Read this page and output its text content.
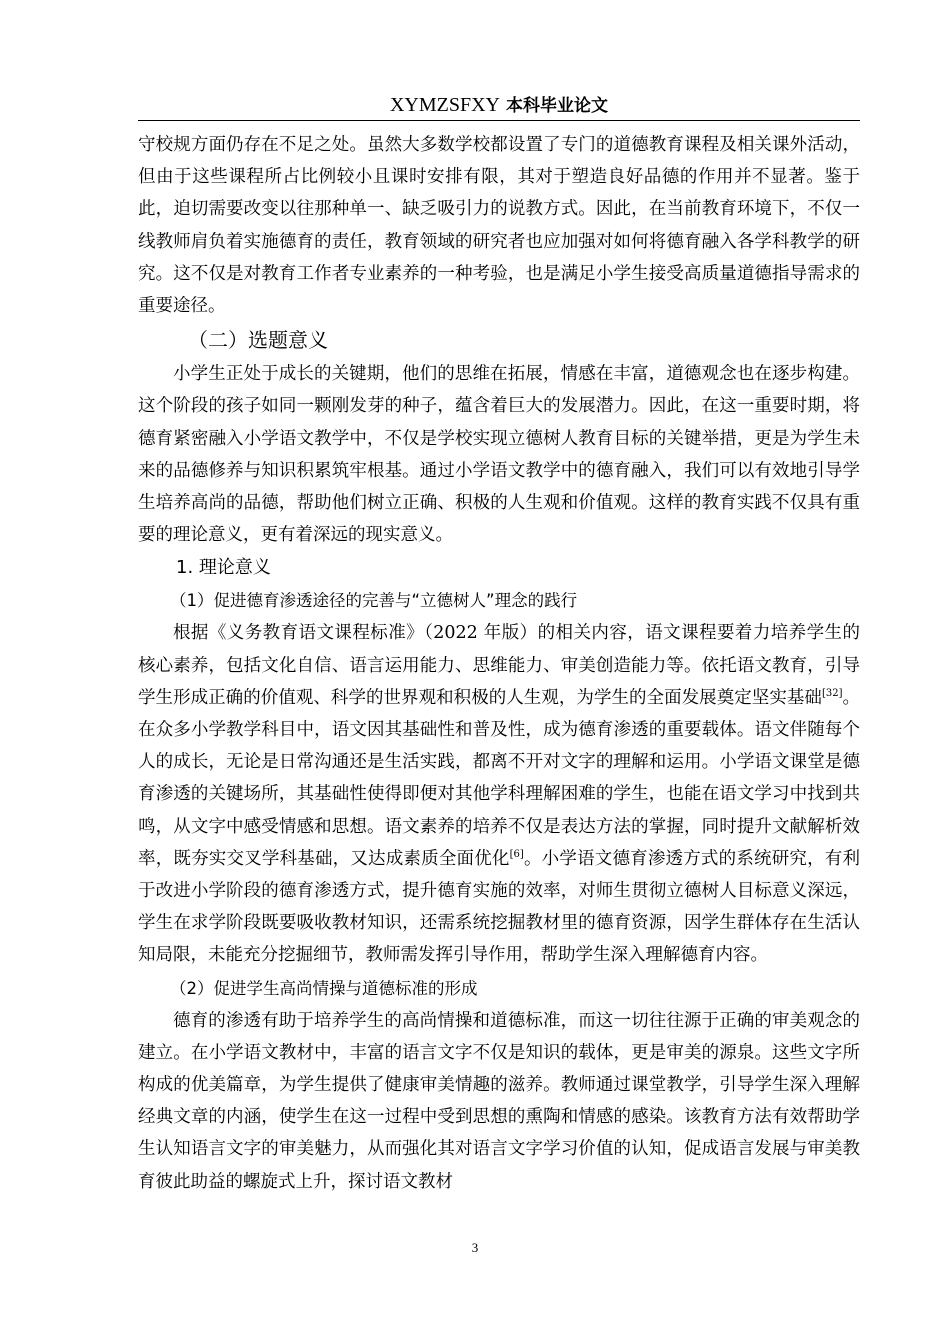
XYMZSFXY 本科毕业论文

守校规方面仍存在不足之处。虽然大多数学校都设置了专门的道德教育课程及相关课外活动，但由于这些课程所占比例较小且课时安排有限，其对于塑造良好品德的作用并不显著。鉴于此，迫切需要改变以往那种单一、缺乏吸引力的说教方式。因此，在当前教育环境下，不仅一线教师肩负着实施德育的责任，教育领域的研究者也应加强对如何将德育融入各学科教学的研究。这不仅是对教育工作者专业素养的一种考验，也是满足小学生接受高质量道德指导需求的重要途径。

（二）选题意义

小学生正处于成长的关键期，他们的思维在拓展，情感在丰富，道德观念也在逐步构建。这个阶段的孩子如同一颗刚发芽的种子，蕴含着巨大的发展潜力。因此，在这一重要时期，将德育紧密融入小学语文教学中，不仅是学校实现立德树人教育目标的关键举措，更是为学生未来的品德修养与知识积累筑牢根基。通过小学语文教学中的德育融入，我们可以有效地引导学生培养高尚的品德，帮助他们树立正确、积极的人生观和价值观。这样的教育实践不仅具有重要的理论意义，更有着深远的现实意义。

1. 理论意义
（1）促进德育渗透途径的完善与“立德树人”理念的践行

根据《义务教育语文课程标准》（2022 年版）的相关内容，语文课程要着力培养学生的核心素养，包括文化自信、语言运用能力、思维能力、审美创造能力等。依托语文教育，引导学生形成正确的价值观、科学的世界观和积极的人生观，为学生的全面发展奠定坚实基础[32]。在众多小学教学科目中，语文因其基础性和普及性，成为德育渗透的重要载体。语文伴随每个人的成长，无论是日常沟通还是生活实践，都离不开对文字的理解和运用。小学语文课堂是德育渗透的关键场所，其基础性使得即便对其他学科理解困难的学生，也能在语文学习中找到共鸣，从文字中感受情感和思想。语文素养的培养不仅是表达方法的掌握，同时提升文献解析效率，既夯实交叉学科基础，又达成素质全面优化[6]。小学语文德育渗透方式的系统研究，有利于改进小学阶段的德育渗透方式，提升德育实施的效率，对师生贯彻立德树人目标意义深远，学生在求学阶段既要吸收教材知识，还需系统挖掘教材里的德育资源，因学生群体存在生活认知局限，未能充分挖掘细节，教师需发挥引导作用，帮助学生深入理解德育内容。

（2）促进学生高尚情操与道德标准的形成

德育的渗透有助于培养学生的高尚情操和道德标准，而这一切往往源于正确的审美观念的建立。在小学语文教材中，丰富的语言文字不仅是知识的载体，更是审美的源泉。这些文字所构成的优美篇章，为学生提供了健康审美情趣的滋养。教师通过课堂教学，引导学生深入理解经典文章的内涵，使学生在这一过程中受到思想的熏陶和情感的感染。该教育方法有效帮助学生认知语言文字的审美魅力，从而强化其对语言文字学习价值的认知，促成语言发展与审美教育彼此助益的螺旋式上升，探讨语文教材

3
